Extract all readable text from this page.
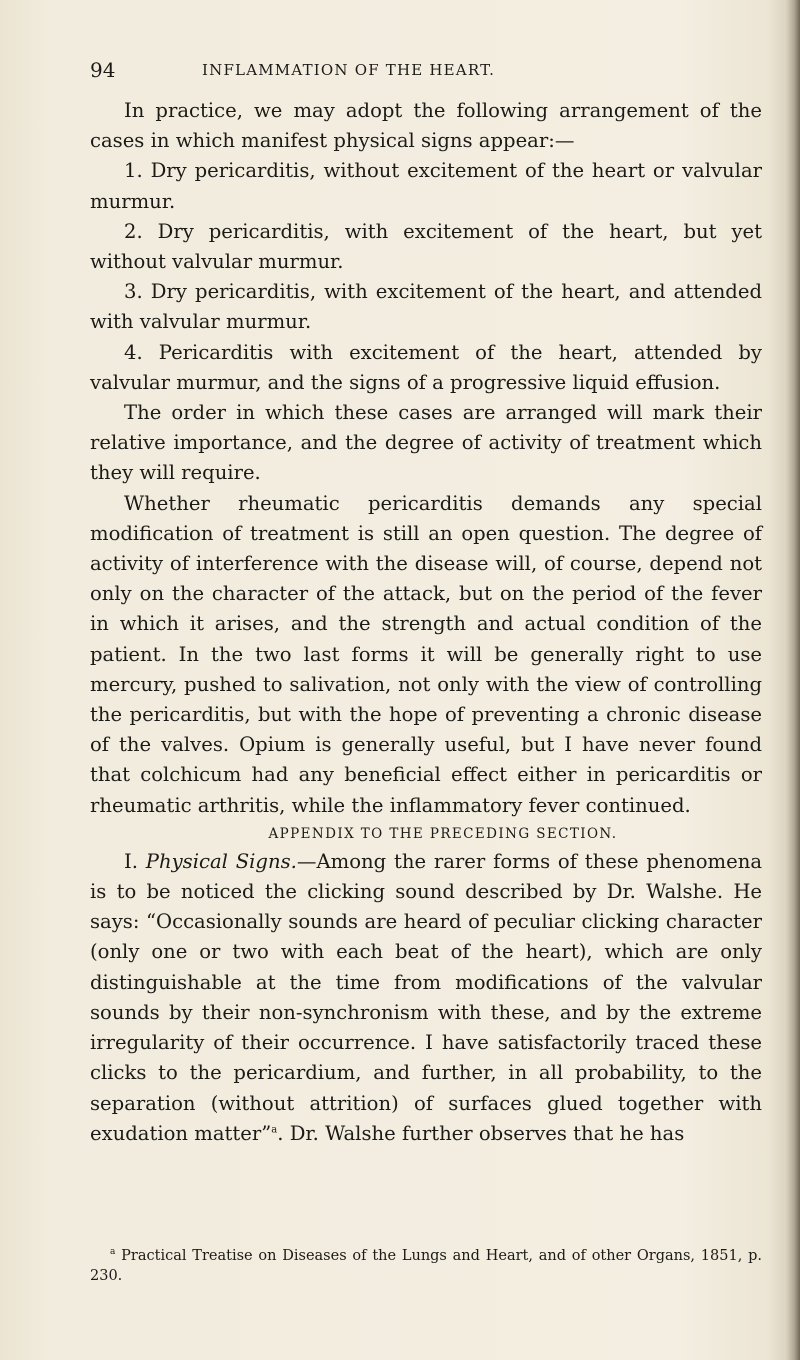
94	INFLAMMATION OF THE HEART.

In practice, we may adopt the following arrangement of the cases in which manifest physical signs appear:—

1. Dry pericarditis, without excitement of the heart or valvular murmur.

2. Dry pericarditis, with excitement of the heart, but yet without valvular murmur.

3. Dry pericarditis, with excitement of the heart, and attended with valvular murmur.

4. Pericarditis with excitement of the heart, attended by valvular murmur, and the signs of a progressive liquid effusion.

The order in which these cases are arranged will mark their relative importance, and the degree of activity of treatment which they will require.

Whether rheumatic pericarditis demands any special modification of treatment is still an open question. The degree of activity of interference with the disease will, of course, depend not only on the character of the attack, but on the period of the fever in which it arises, and the strength and actual condition of the patient. In the two last forms it will be generally right to use mercury, pushed to salivation, not only with the view of controlling the pericarditis, but with the hope of preventing a chronic disease of the valves. Opium is generally useful, but I have never found that colchicum had any beneficial effect either in pericarditis or rheumatic arthritis, while the inflammatory fever continued.

APPENDIX TO THE PRECEDING SECTION.

I. Physical Signs.—Among the rarer forms of these phenomena is to be noticed the clicking sound described by Dr. Walshe. He says: “Occasionally sounds are heard of peculiar clicking character (only one or two with each beat of the heart), which are only distinguishable at the time from modifications of the valvular sounds by their non-synchronism with these, and by the extreme irregularity of their occurrence. I have satisfactorily traced these clicks to the pericardium, and further, in all probability, to the separation (without attrition) of surfaces glued together with exudation matter”$^a$. Dr. Walshe further observes that he has

$^a$ Practical Treatise on Diseases of the Lungs and Heart, and of other Organs, 1851, p. 230.
